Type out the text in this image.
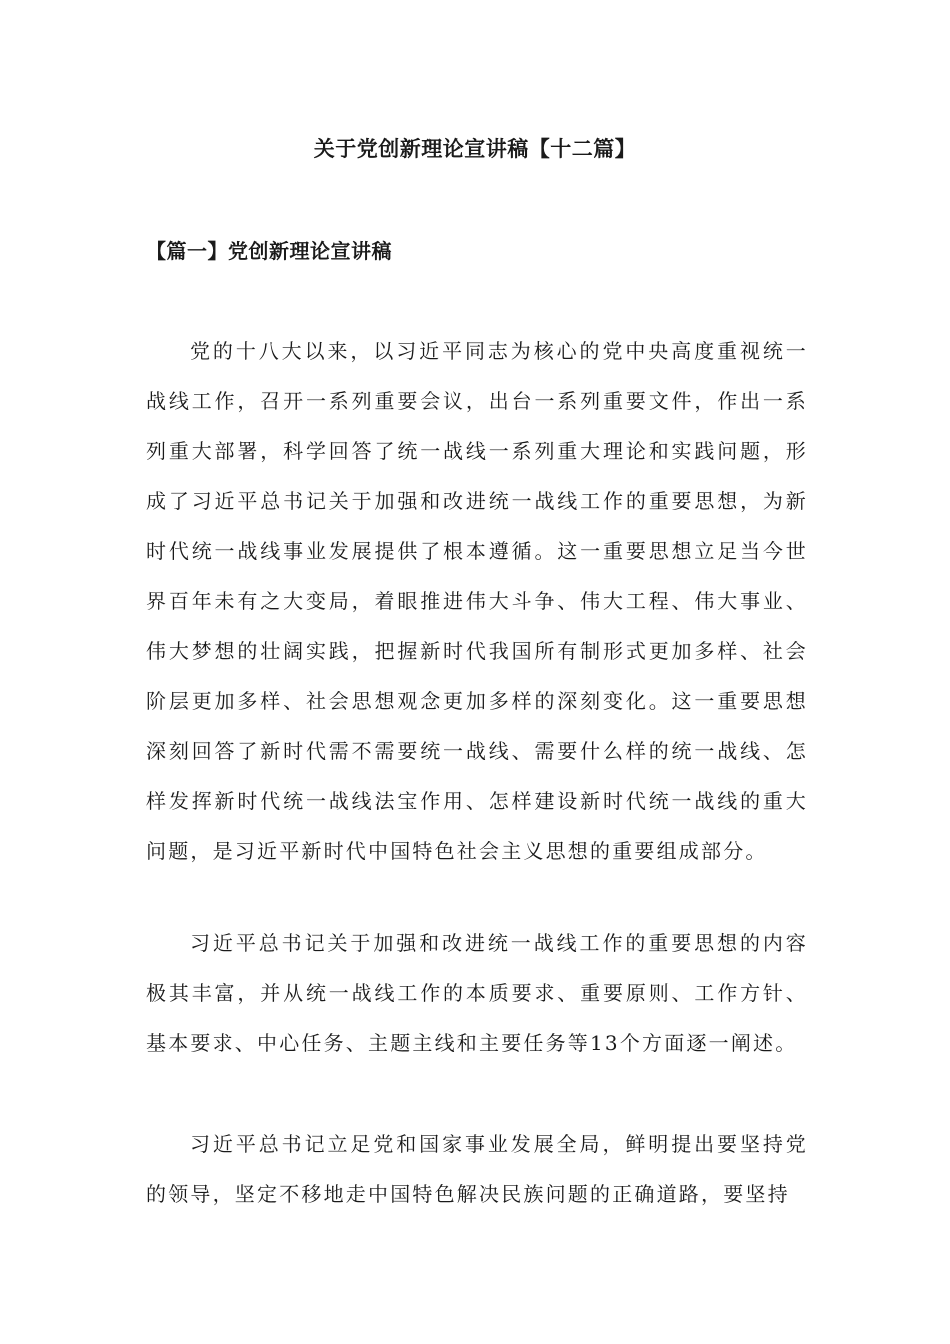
关于党创新理论宣讲稿【十二篇】
【篇一】党创新理论宣讲稿

党的十八大以来，以习近平同志为核心的党中央高度重视统一战线工作，召开一系列重要会议，出台一系列重要文件，作出一系列重大部署，科学回答了统一战线一系列重大理论和实践问题，形成了习近平总书记关于加强和改进统一战线工作的重要思想，为新时代统一战线事业发展提供了根本遵循。这一重要思想立足当今世界百年未有之大变局，着眼推进伟大斗争、伟大工程、伟大事业、伟大梦想的壮阔实践，把握新时代我国所有制形式更加多样、社会阶层更加多样、社会思想观念更加多样的深刻变化。这一重要思想深刻回答了新时代需不需要统一战线、需要什么样的统一战线、怎样发挥新时代统一战线法宝作用、怎样建设新时代统一战线的重大问题，是习近平新时代中国特色社会主义思想的重要组成部分。

习近平总书记关于加强和改进统一战线工作的重要思想的内容极其丰富，并从统一战线工作的本质要求、重要原则、工作方针、基本要求、中心任务、主题主线和主要任务等13个方面逐一阐述。

习近平总书记立足党和国家事业发展全局，鲜明提出要坚持党的领导，坚定不移地走中国特色解决民族问题的正确道路，要坚持
